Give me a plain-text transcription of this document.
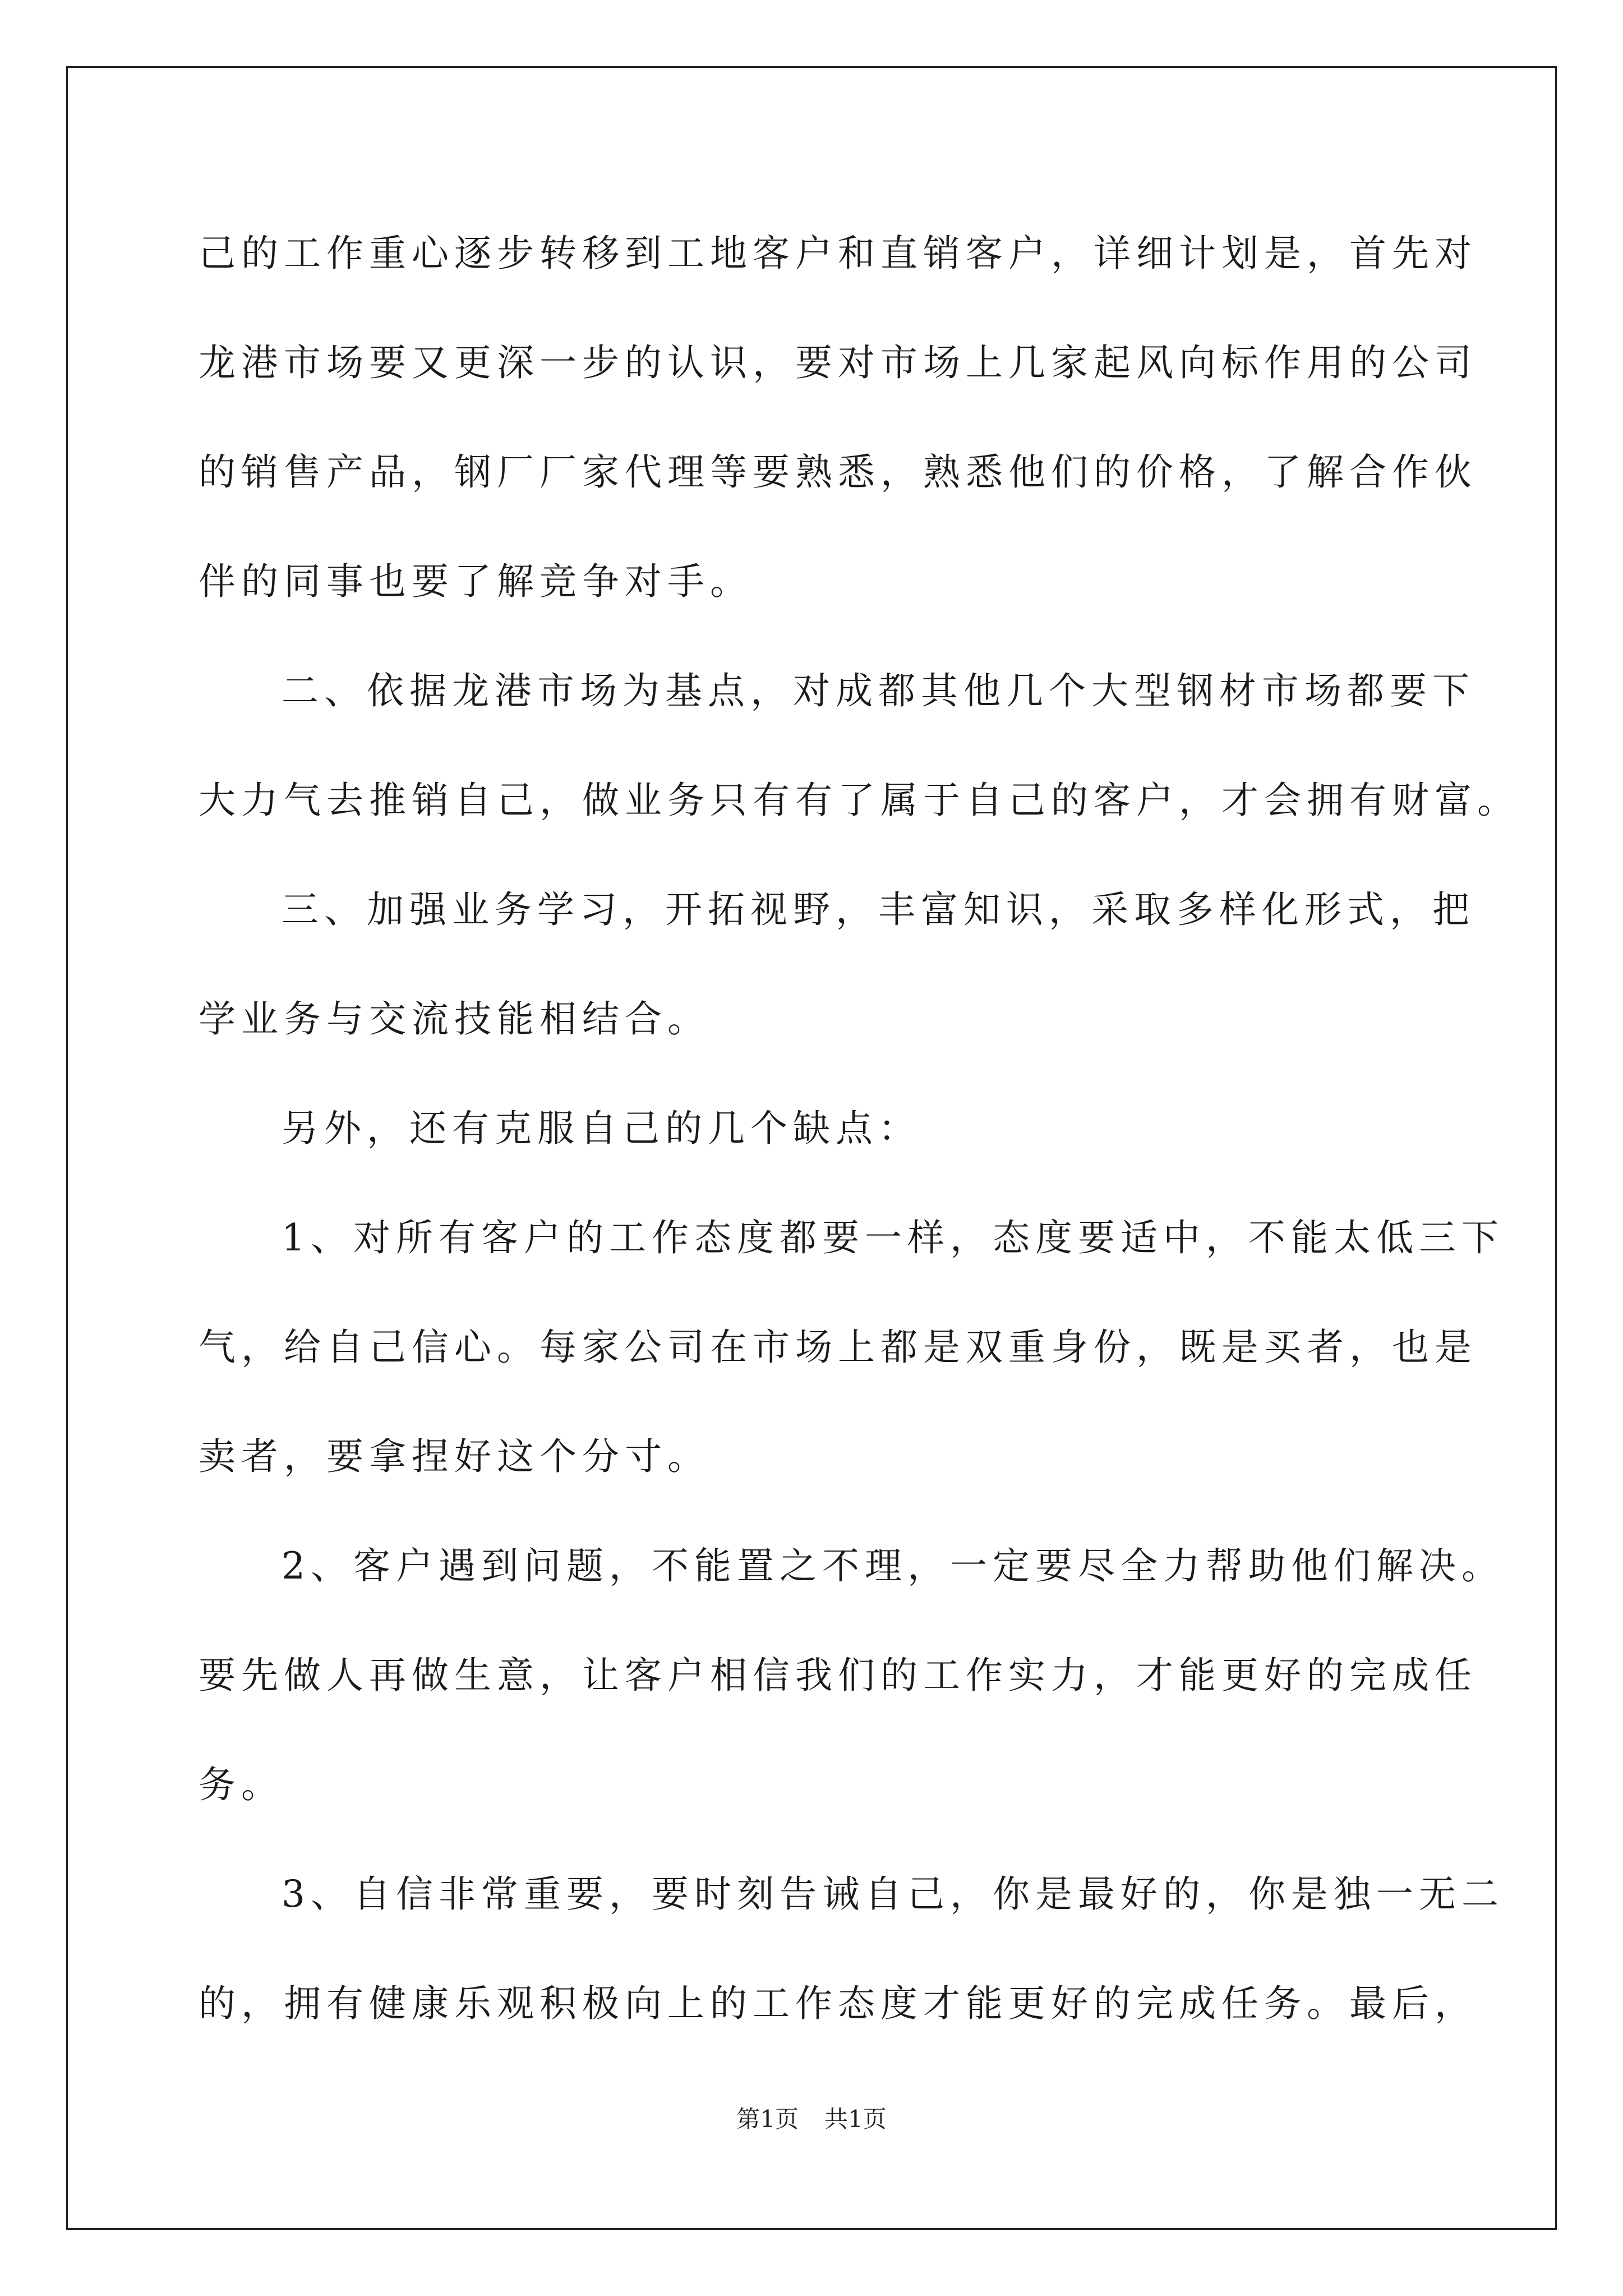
己的工作重心逐步转移到工地客户和直销客户，详细计划是，首先对
龙港市场要又更深一步的认识，要对市场上几家起风向标作用的公司
的销售产品，钢厂厂家代理等要熟悉，熟悉他们的价格，了解合作伙
伴的同事也要了解竞争对手。
二、依据龙港市场为基点，对成都其他几个大型钢材市场都要下
大力气去推销自己，做业务只有有了属于自己的客户，才会拥有财富。
三、加强业务学习，开拓视野，丰富知识，采取多样化形式，把
学业务与交流技能相结合。
另外，还有克服自己的几个缺点：
1、对所有客户的工作态度都要一样，态度要适中，不能太低三下
气，给自己信心。每家公司在市场上都是双重身份，既是买者，也是
卖者，要拿捏好这个分寸。
2、客户遇到问题，不能置之不理，一定要尽全力帮助他们解决。
要先做人再做生意，让客户相信我们的工作实力，才能更好的完成任
务。
3、自信非常重要，要时刻告诫自己，你是最好的，你是独一无二
的，拥有健康乐观积极向上的工作态度才能更好的完成任务。最后，
第1页 共1页
